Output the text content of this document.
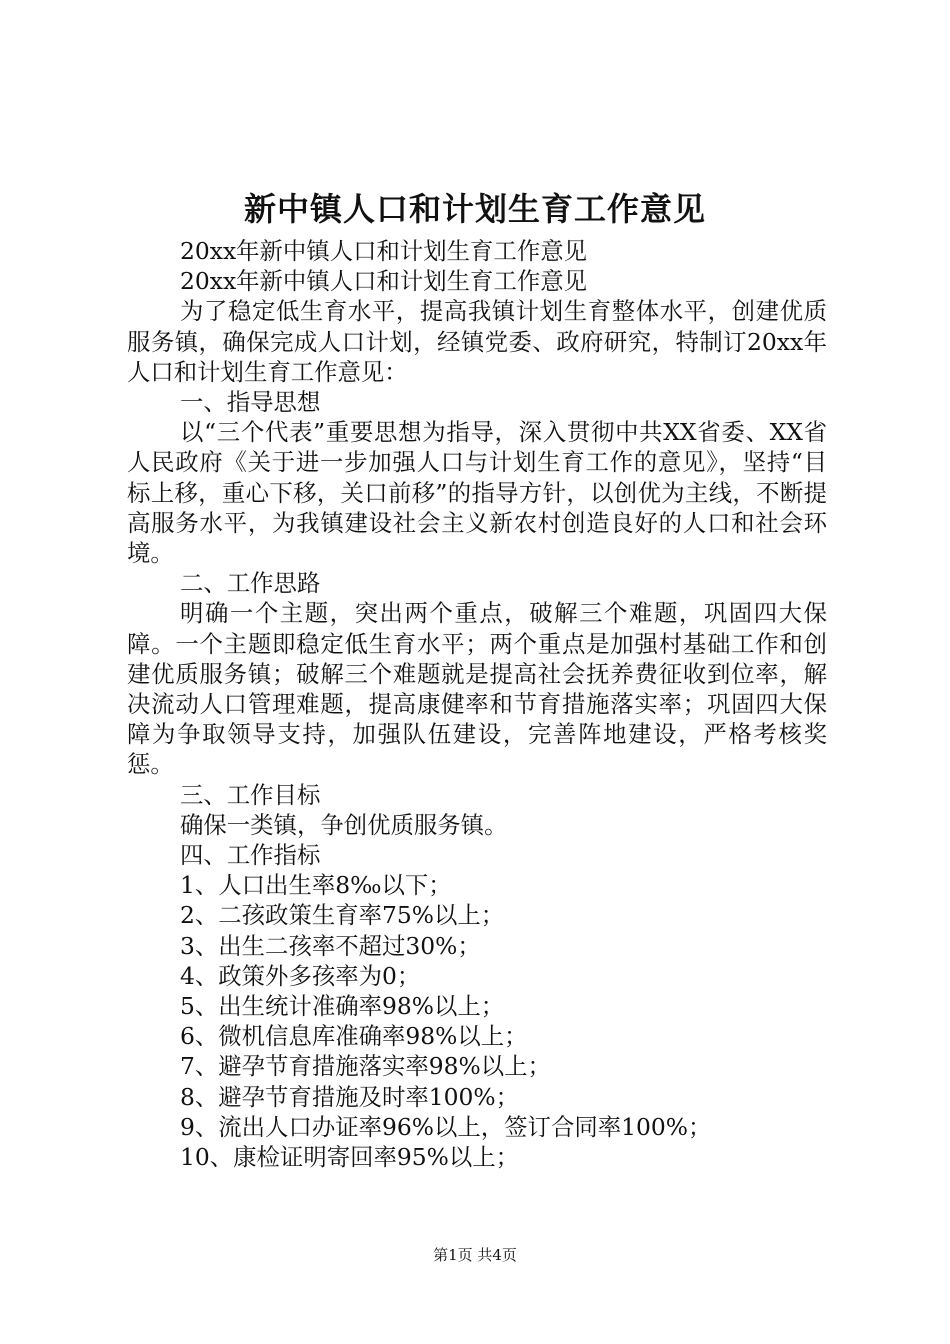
新中镇人口和计划生育工作意见

20xx年新中镇人口和计划生育工作意见

20xx年新中镇人口和计划生育工作意见

为了稳定低生育水平，提高我镇计划生育整体水平，创建优质服务镇，确保完成人口计划，经镇党委、政府研究，特制订20xx年人口和计划生育工作意见：

一、指导思想

以“三个代表”重要思想为指导，深入贯彻中共XX省委、XX省人民政府《关于进一步加强人口与计划生育工作的意见》，坚持“目标上移，重心下移，关口前移”的指导方针，以创优为主线，不断提高服务水平，为我镇建设社会主义新农村创造良好的人口和社会环境。

二、工作思路

明确一个主题，突出两个重点，破解三个难题，巩固四大保障。一个主题即稳定低生育水平；两个重点是加强村基础工作和创建优质服务镇；破解三个难题就是提高社会抚养费征收到位率，解决流动人口管理难题，提高康健率和节育措施落实率；巩固四大保障为争取领导支持，加强队伍建设，完善阵地建设，严格考核奖惩。

三、工作目标

确保一类镇，争创优质服务镇。

四、工作指标

1、人口出生率8‰以下；

2、二孩政策生育率75%以上；

3、出生二孩率不超过30%；

4、政策外多孩率为0；

5、出生统计准确率98%以上；

6、微机信息库准确率98%以上；

7、避孕节育措施落实率98%以上；

8、避孕节育措施及时率100%；

9、流出人口办证率96%以上，签订合同率100%；

10、康检证明寄回率95%以上；

第1页 共4页
